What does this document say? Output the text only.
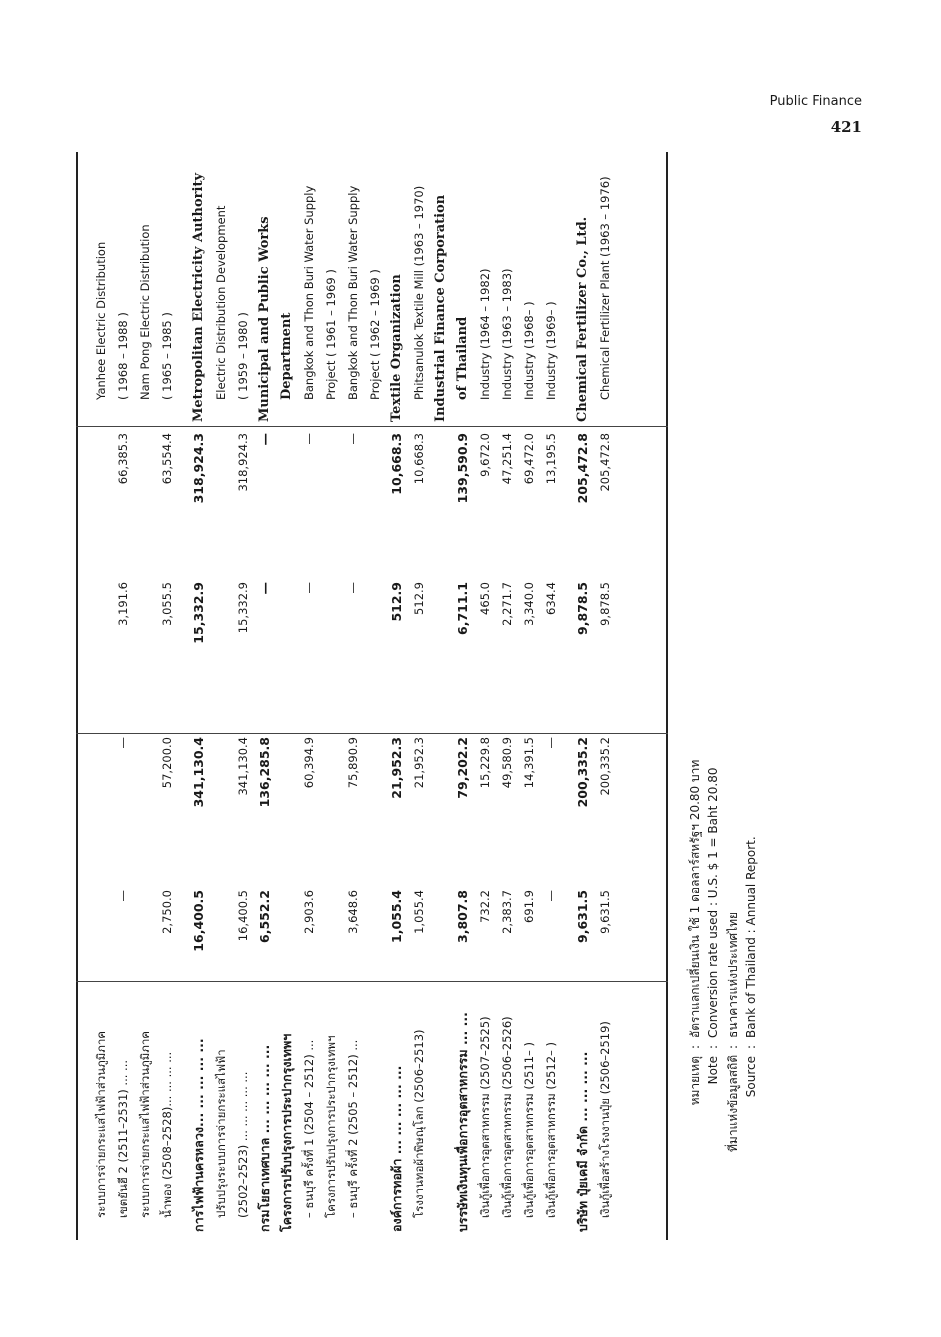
Public Finance
421
ระบบการจ่ายกระแสไฟฟ้าส่วนภูมิภาค
Yanhee Electric Distribution
เขตยันฮี 2 (2511–2531) ... ...
—
—
3,191.6
66,385.3
( 1968 – 1988 )
ระบบการจ่ายกระแสไฟฟ้าส่วนภูมิภาค
Nam Pong Electric Distribution
น้ำพอง (2508–2528)... ... ... ...
2,750.0
57,200.0
3,055.5
63,554.4
( 1965 – 1985 )
การไฟฟ้านครหลวง... ... ... ... ...
16,400.5
341,130.4
15,332.9
318,924.3
Metropolitan Electricity Authority
ปรับปรุงระบบการจ่ายกระแสไฟฟ้า
Electric Distribution Development
(2502–2523) ... ... ... ... ...
16,400.5
341,130.4
15,332.9
318,924.3
( 1959 – 1980 )
กรมโยธาเทศบาล ... ... ... ... ...
6,552.2
136,285.8
—
—
Municipal and Public Works
โครงการปรับปรุงการประปากรุงเทพฯ
Department
– ธนบุรี ครั้งที่ 1 (2504 – 2512) ...
2,903.6
60,394.9
—
—
Bangkok and Thon Buri Water Supply
โครงการปรับปรุงการประปากรุงเทพฯ
Project ( 1961 – 1969 )
– ธนบุรี ครั้งที่ 2 (2505 – 2512) ...
3,648.6
75,890.9
—
—
Bangkok and Thon Buri Water Supply Project ( 1962 – 1969 )
องค์การทอผ้า ... ... ... ... ...
1,055.4
21,952.3
512.9
10,668.3
Textile Organization
โรงงานทอผ้าพิษณุโลก (2506–2513)
1,055.4
21,952.3
512.9
10,668.3
Phitsanulok Textile Mill (1963 – 1970) Industrial Finance Corporation
บรรษัทเงินทุนเพื่อการอุตสาหกรรม ... ...
3,807.8
79,202.2
6,711.1
139,590.9
of Thailand
เงินกู้เพื่อการอุตสาหกรรม (2507–2525)
732.2
15,229.8
465.0
9,672.0
Industry (1964 – 1982)
เงินกู้เพื่อการอุตสาหกรรม (2506–2526)
2,383.7
49,580.9
2,271.7
47,251.4
Industry (1963 – 1983)
เงินกู้เพื่อการอุตสาหกรรม (2511– )
691.9
14,391.5
3,340.0
69,472.0
Industry (1968– )
เงินกู้เพื่อการอุตสาหกรรม (2512– )
—
—
634.4
13,195.5
Industry (1969– )
บริษัท ปุ๋ยเคมี จำกัด ... ... ... ...
9,631.5
200,335.2
9,878.5
205,472.8
Chemical Fertilizer Co., Ltd.
เงินกู้เพื่อสร้างโรงงานปุ๋ย (2506–2519)
9,631.5
200,335.2
9,878.5
205,472.8
Chemical Fertilizer Plant (1963 – 1976)
หมายเหตุ:อัตราแลกเปลี่ยนเงิน ใช้ 1 ดอลลาร์สหรัฐฯ 20.80 บาท
Note:Conversion rate used : U.S. $ 1 = Baht 20.80
ที่มาแห่งข้อมูลสถิติ:ธนาคารแห่งประเทศไทย
Source:Bank of Thailand : Annual Report.
